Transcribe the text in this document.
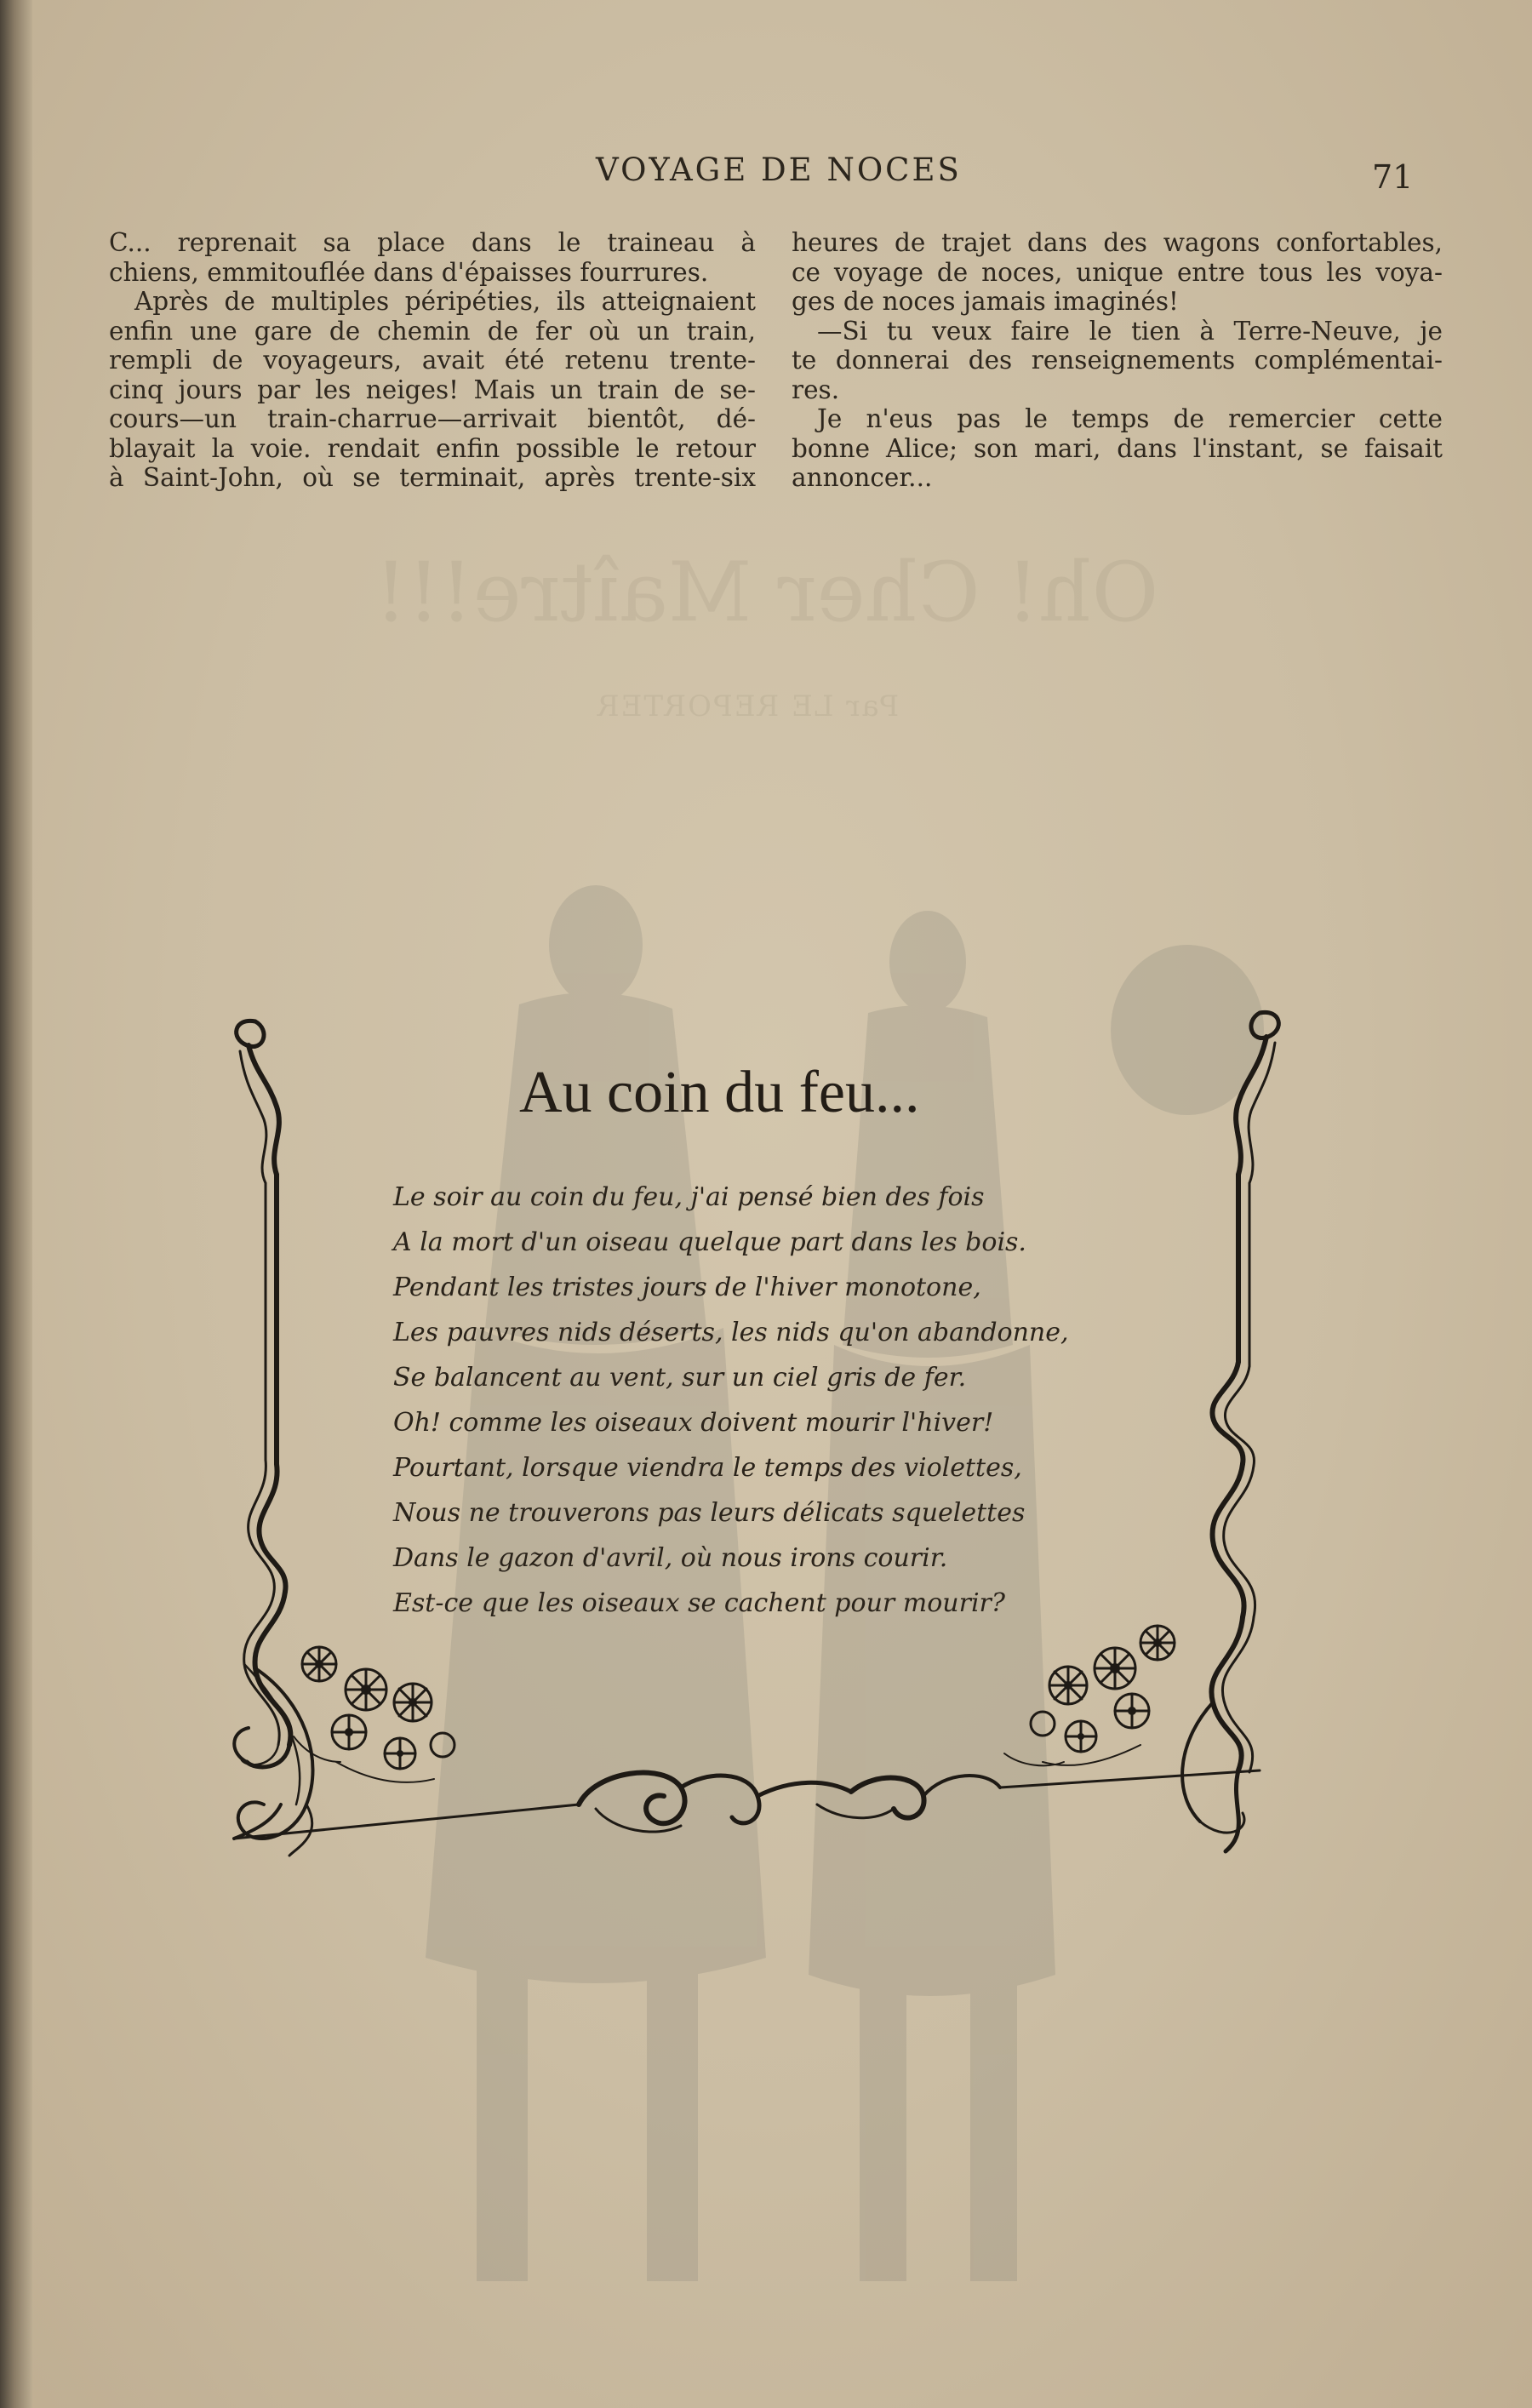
Oh! Cher Maître!!!
Par LE REPORTER
VOYAGE DE NOCES	71
C... reprenait sa place dans le traineau à
chiens, emmitouflée dans d'épaisses fourrures.
Après de multiples péripéties, ils atteignaient
enfin une gare de chemin de fer où un train,
rempli de voyageurs, avait été retenu trente-
cinq jours par les neiges! Mais un train de se-
cours—un train-charrue—arrivait bientôt, dé-
blayait la voie. rendait enfin possible le retour
à Saint-John, où se terminait, après trente-six
heures de trajet dans des wagons confortables,
ce voyage de noces, unique entre tous les voya-
ges de noces jamais imaginés!
—Si tu veux faire le tien à Terre-Neuve, je
te donnerai des renseignements complémentai-
res.
Je n'eus pas le temps de remercier cette
bonne Alice; son mari, dans l'instant, se faisait
annoncer...
Au coin du feu...
Le soir au coin du feu, j'ai pensé bien des fois
A la mort d'un oiseau quelque part dans les bois.
Pendant les tristes jours de l'hiver monotone,
Les pauvres nids déserts, les nids qu'on abandonne,
Se balancent au vent, sur un ciel gris de fer.
Oh! comme les oiseaux doivent mourir l'hiver!
Pourtant, lorsque viendra le temps des violettes,
Nous ne trouverons pas leurs délicats squelettes
Dans le gazon d'avril, où nous irons courir.
Est-ce que les oiseaux se cachent pour mourir?
